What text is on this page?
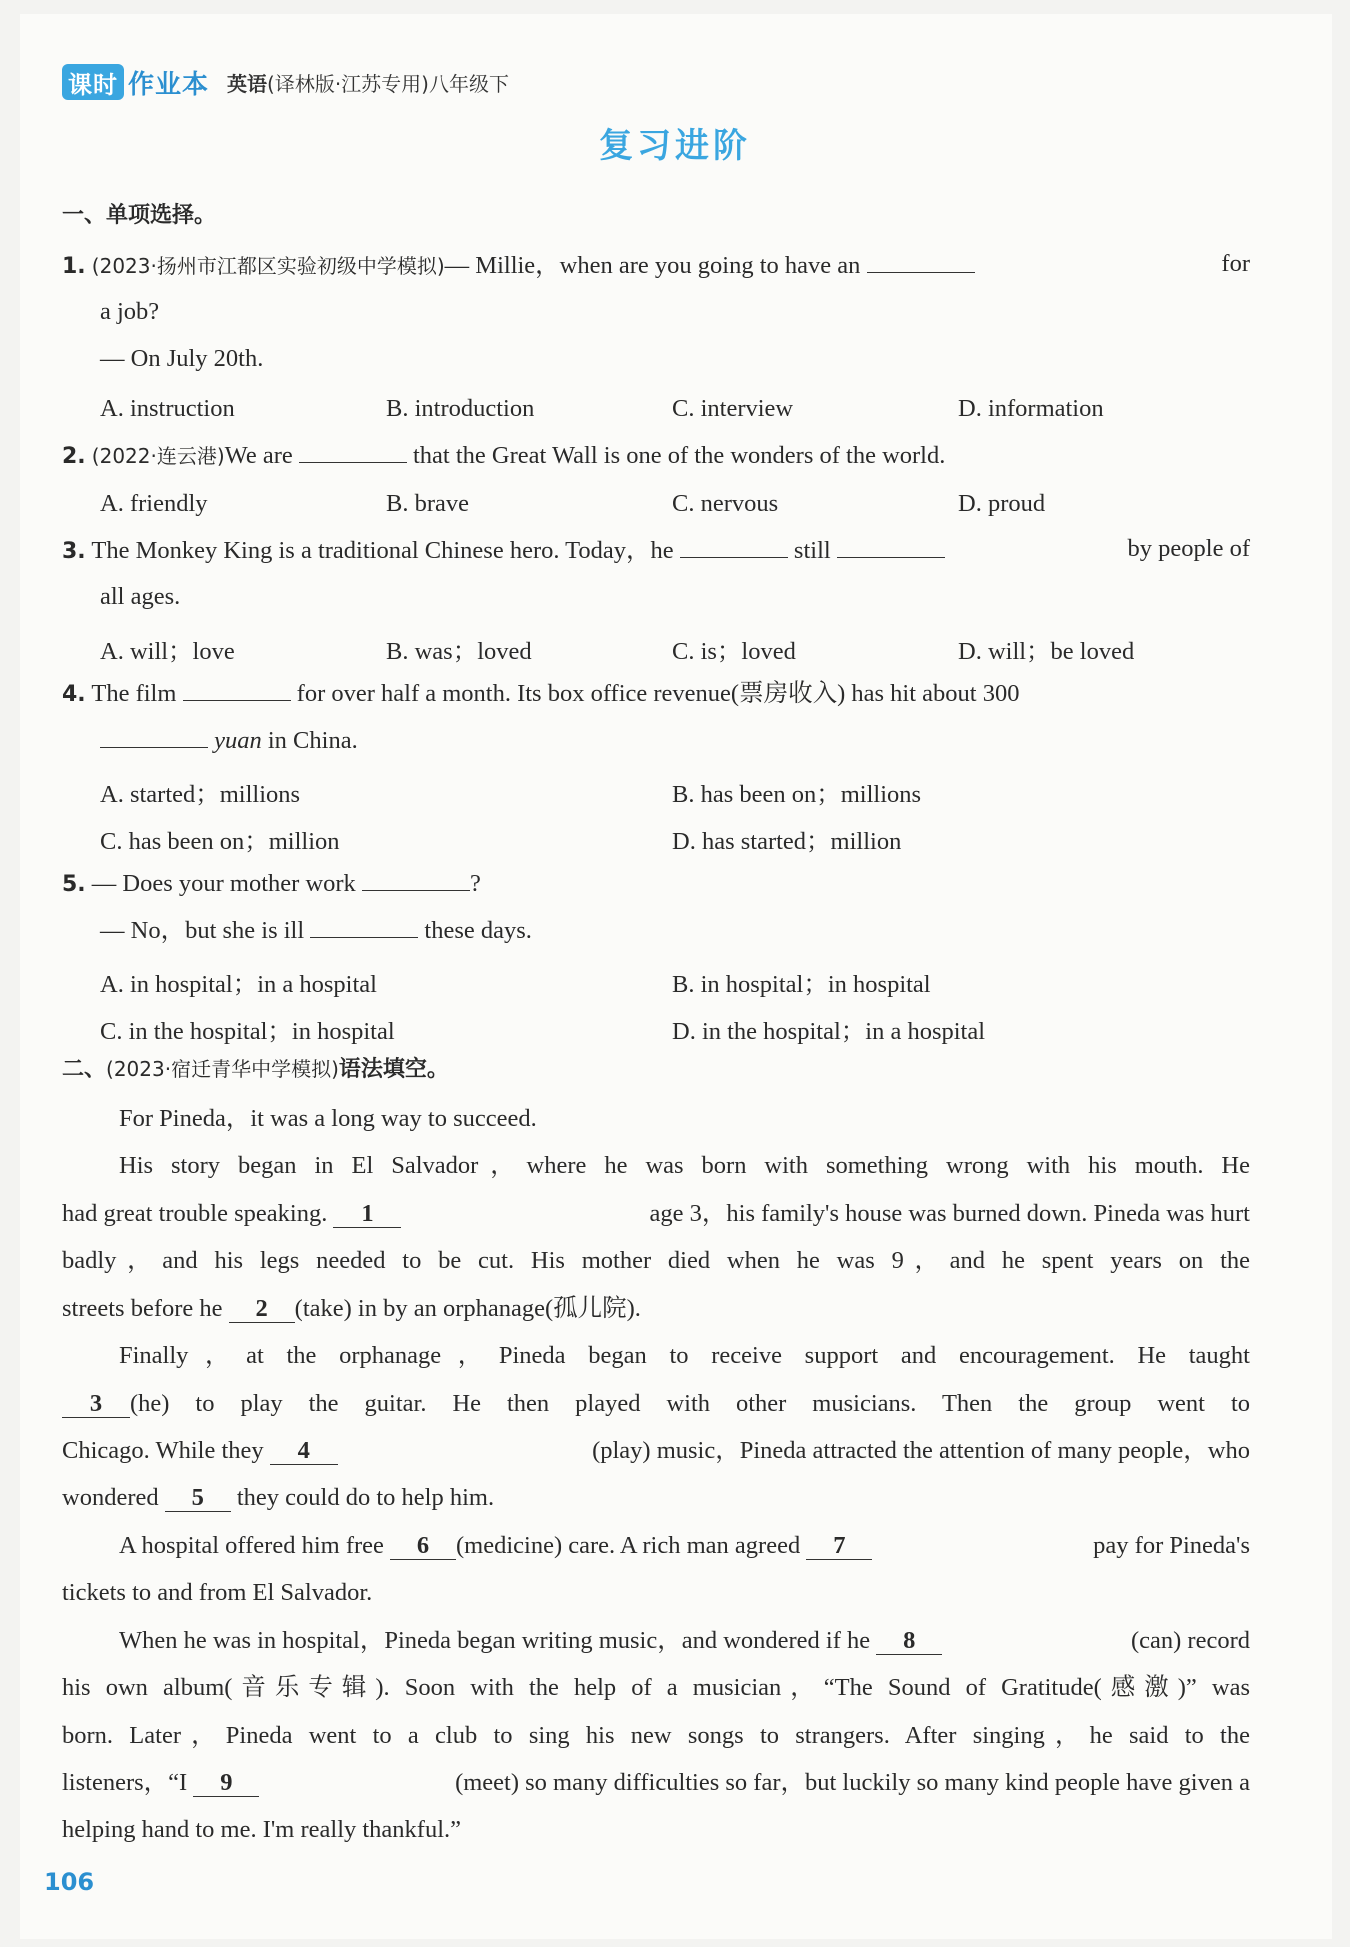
课时 作业本 英语(译林版·江苏专用)八年级下
复习进阶
一、单项选择。
1. (2023·扬州市江都区实验初级中学模拟)— Millie，when are you going to have an	for
a job?
— On July 20th.
A. instruction	B. introduction	C. interview	D. information
2. (2022·连云港)We are	that the Great Wall is one of the wonders of the world.
A. friendly	B. brave	C. nervous	D. proud
3. The Monkey King is a traditional Chinese hero. Today，he	still	by people of
all ages.
A. will；love	B. was；loved	C. is；loved	D. will；be loved
4. The film	for over half a month. Its box office revenue(票房收入) has hit about 300
yuan in China.
A. started；millions	B. has been on；millions
C. has been on；million	D. has started；million
5. — Does your mother work	?
— No，but she is ill	these days.
A. in hospital；in a hospital	B. in hospital；in hospital
C. in the hospital；in hospital	D. in the hospital；in a hospital
二、(2023·宿迁青华中学模拟)语法填空。
For Pineda，it was a long way to succeed.
His story began in El Salvador，where he was born with something wrong with his mouth. He
had great trouble speaking. 1	age 3，his family's house was burned down. Pineda was hurt
badly，and his legs needed to be cut. His mother died when he was 9，and he spent years on the
streets before he 2 (take) in by an orphanage(孤儿院).
Finally，at the orphanage，Pineda began to receive support and encouragement. He taught
3 (he) to play the guitar. He then played with other musicians. Then the group went to
Chicago. While they 4	(play) music，Pineda attracted the attention of many people，who
wondered 5 they could do to help him.
A hospital offered him free 6 (medicine) care. A rich man agreed 7	pay for Pineda's
tickets to and from El Salvador.
When he was in hospital，Pineda began writing music，and wondered if he 8	(can) record
his own album(音乐专辑). Soon with the help of a musician，“The Sound of Gratitude(感激)” was
born. Later，Pineda went to a club to sing his new songs to strangers. After singing，he said to the
listeners，“I 9	(meet) so many difficulties so far，but luckily so many kind people have given a
helping hand to me. I'm really thankful.”
106
